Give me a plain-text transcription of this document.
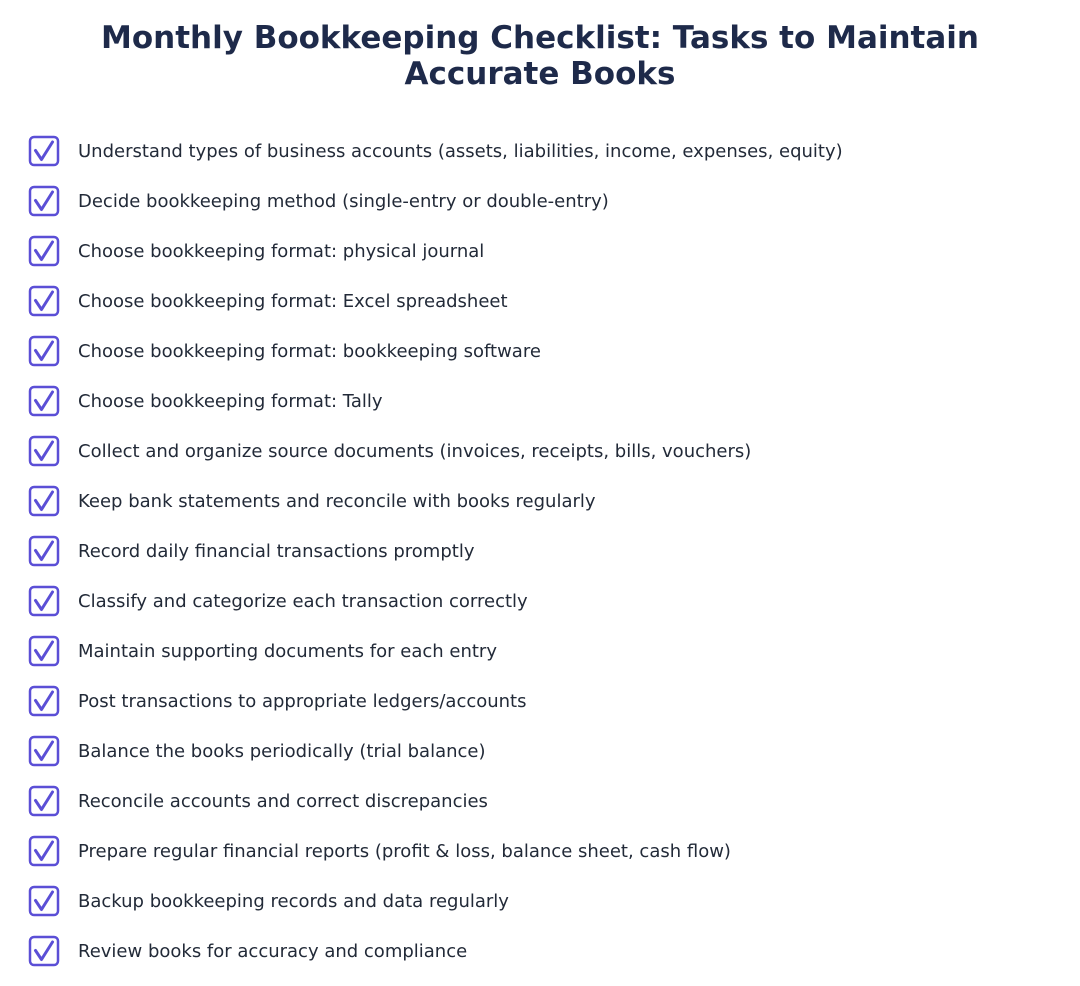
Monthly Bookkeeping Checklist: Tasks to Maintain
Accurate Books
Understand types of business accounts (assets, liabilities, income, expenses, equity)
Decide bookkeeping method (single-entry or double-entry)
Choose bookkeeping format: physical journal
Choose bookkeeping format: Excel spreadsheet
Choose bookkeeping format: bookkeeping software
Choose bookkeeping format: Tally
Collect and organize source documents (invoices, receipts, bills, vouchers)
Keep bank statements and reconcile with books regularly
Record daily financial transactions promptly
Classify and categorize each transaction correctly
Maintain supporting documents for each entry
Post transactions to appropriate ledgers/accounts
Balance the books periodically (trial balance)
Reconcile accounts and correct discrepancies
Prepare regular financial reports (profit & loss, balance sheet, cash flow)
Backup bookkeeping records and data regularly
Review books for accuracy and compliance
